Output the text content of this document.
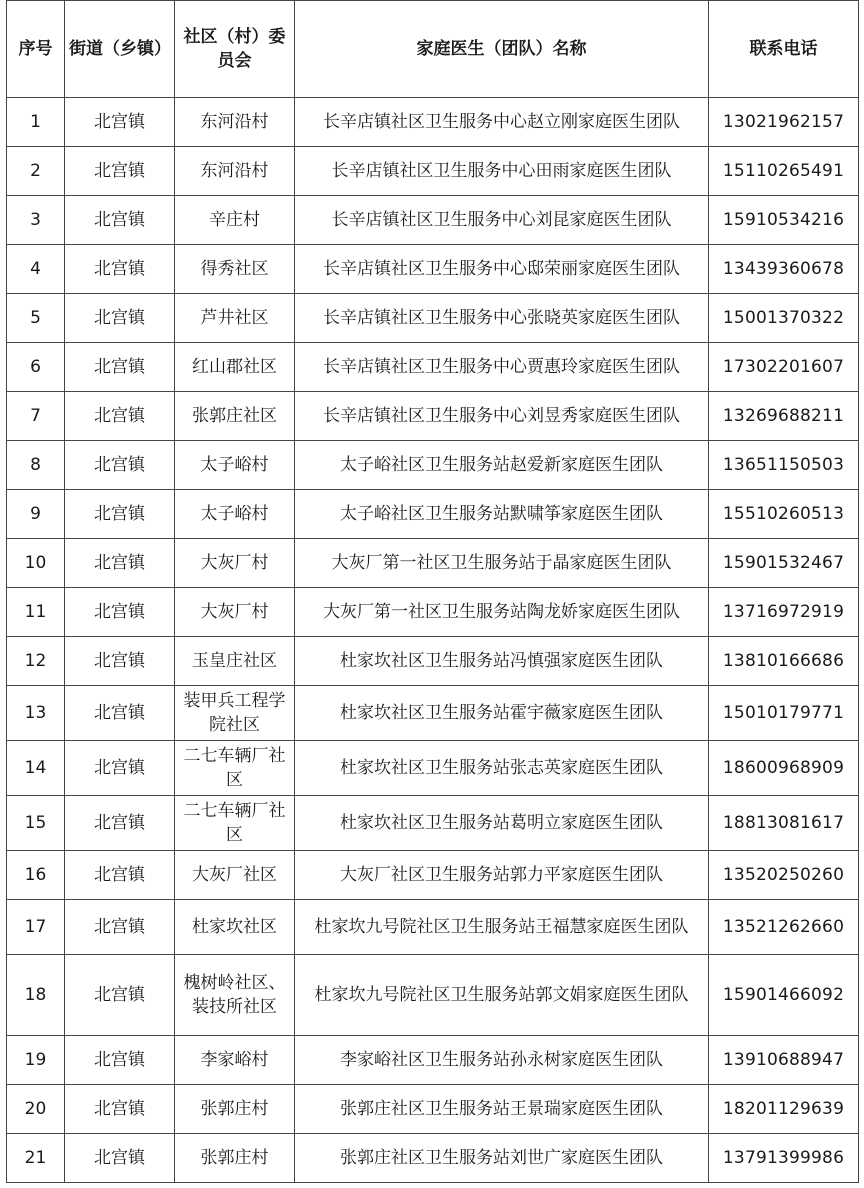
序号	街道（乡镇）	社区（村）委员会	家庭医生（团队）名称	联系电话
1	北宫镇	东河沿村	长辛店镇社区卫生服务中心赵立刚家庭医生团队	13021962157
2	北宫镇	东河沿村	长辛店镇社区卫生服务中心田雨家庭医生团队	15110265491
3	北宫镇	辛庄村	长辛店镇社区卫生服务中心刘昆家庭医生团队	15910534216
4	北宫镇	得秀社区	长辛店镇社区卫生服务中心邸荣丽家庭医生团队	13439360678
5	北宫镇	芦井社区	长辛店镇社区卫生服务中心张晓英家庭医生团队	15001370322
6	北宫镇	红山郡社区	长辛店镇社区卫生服务中心贾惠玲家庭医生团队	17302201607
7	北宫镇	张郭庄社区	长辛店镇社区卫生服务中心刘昱秀家庭医生团队	13269688211
8	北宫镇	太子峪村	太子峪社区卫生服务站赵爱新家庭医生团队	13651150503
9	北宫镇	太子峪村	太子峪社区卫生服务站默啸筝家庭医生团队	15510260513
10	北宫镇	大灰厂村	大灰厂第一社区卫生服务站于晶家庭医生团队	15901532467
11	北宫镇	大灰厂村	大灰厂第一社区卫生服务站陶龙娇家庭医生团队	13716972919
12	北宫镇	玉皇庄社区	杜家坎社区卫生服务站冯慎强家庭医生团队	13810166686
13	北宫镇	装甲兵工程学院社区	杜家坎社区卫生服务站霍宇薇家庭医生团队	15010179771
14	北宫镇	二七车辆厂社区	杜家坎社区卫生服务站张志英家庭医生团队	18600968909
15	北宫镇	二七车辆厂社区	杜家坎社区卫生服务站葛明立家庭医生团队	18813081617
16	北宫镇	大灰厂社区	大灰厂社区卫生服务站郭力平家庭医生团队	13520250260
17	北宫镇	杜家坎社区	杜家坎九号院社区卫生服务站王福慧家庭医生团队	13521262660
18	北宫镇	槐树岭社区、装技所社区	杜家坎九号院社区卫生服务站郭文娟家庭医生团队	15901466092
19	北宫镇	李家峪村	李家峪社区卫生服务站孙永树家庭医生团队	13910688947
20	北宫镇	张郭庄村	张郭庄社区卫生服务站王景瑞家庭医生团队	18201129639
21	北宫镇	张郭庄村	张郭庄社区卫生服务站刘世广家庭医生团队	13791399986
